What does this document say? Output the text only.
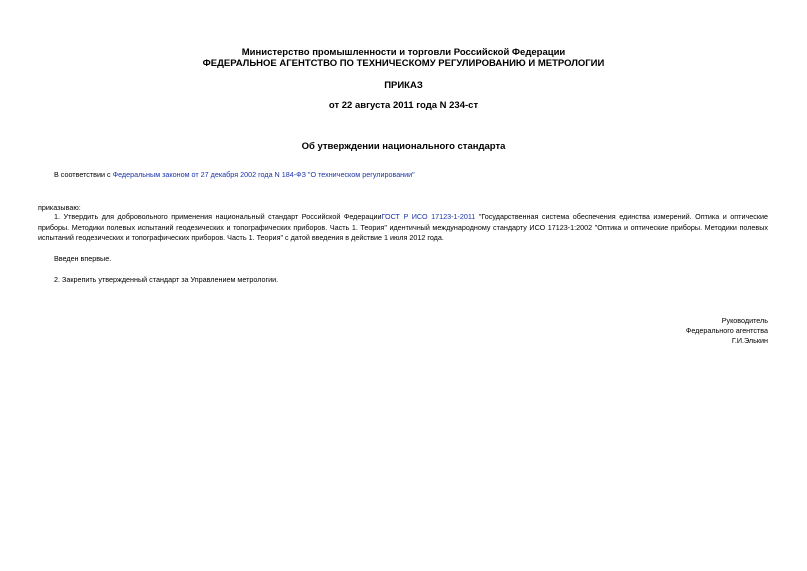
Министерство промышленности и торговли Российской Федерации
ФЕДЕРАЛЬНОЕ АГЕНТСТВО ПО ТЕХНИЧЕСКОМУ РЕГУЛИРОВАНИЮ И МЕТРОЛОГИИ
ПРИКАЗ
от 22 августа 2011 года N 234-ст
Об утверждении национального стандарта
В соответствии с Федеральным законом от 27 декабря 2002 года N 184-ФЗ "О техническом регулировании"
приказываю:
1. Утвердить для добровольного применения национальный стандарт Российской ФедерацииГОСТ Р ИСО 17123-1-2011 "Государственная система обеспечения единства измерений. Оптика и оптические приборы. Методики полевых испытаний геодезических и топографических приборов. Часть 1. Теория" идентичный международному стандарту ИСО 17123-1:2002 "Оптика и оптические приборы. Методики полевых испытаний геодезических и топографических приборов. Часть 1. Теория" с датой введения в действие 1 июля 2012 года.
Введен впервые.
2. Закрепить утвержденный стандарт за Управлением метрологии.
Руководитель
Федерального агентства
Г.И.Элькин
